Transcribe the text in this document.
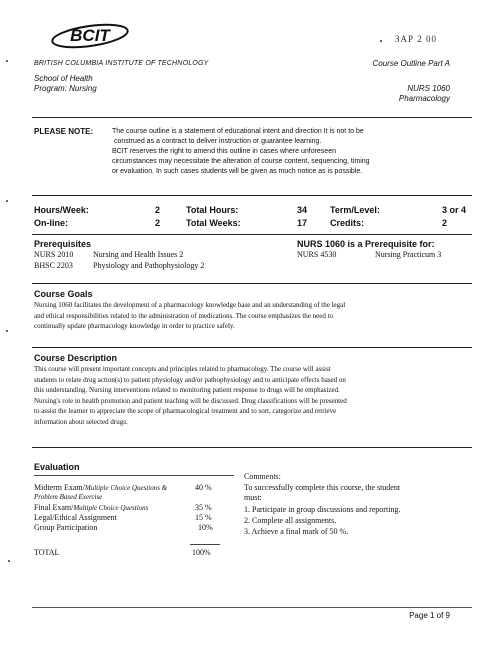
BCIT	ЗАР 2 00
BRITISH COLUMBIA INSTITUTE OF TECHNOLOGY	Course Outline Part A
School of Health
Program: Nursing	NURS 1060
Pharmacology
PLEASE NOTE:	The course outline is a statement of educational intent and direction It is not to be
construed as a contract to deliver instruction or guarantee learning.
BCIT reserves the right to amend this outline in cases where unforeseen
circumstances may necessitate the alteration of course content, sequencing, timing
or evaluation. In such cases students will be given as much notice as is possible.
Hours/Week:	2	Total Hours:	34	Term/Level:	3 or 4
On-line:	2	Total Weeks:	17	Credits:	2
Prerequisites
NURS 2010 Nursing and Health Issues 2
BHSC 2203	Physiology and Pathophysiology 2
NURS 1060 is a Prerequisite for:
NURS 4530	Nursing Practicum 3
Course Goals
Nursing 1060 facilitates the development of a pharmacology knowledge base and an understanding of the legal
and ethical responsibilities related to the administration of medications. The course emphasizes the need to
continually update pharmacology knowledge in order to practice safely.
Course Description
This course will present important concepts and principles related to pharmacology. The course will assist
students to relate drug action(s) to patient physiology and/or pathophysiology and to anticipate effects based on
this understanding. Nursing interventions related to monitoring patient response to drugs will be emphasized.
Nursing's role in health promotion and patient teaching will be discussed. Drug classifications will be presented
to assist the learner to appreciate the scope of pharmacological treatment and to sort, categorize and retrieve
information about selected drugs.
Evaluation
Midterm Exam/Multiple Choice Questions &	40 %
Problem Based Exercise
Final Exam/Multiple Choice Questions	35 %
Legal/Ethical Assignment	15 %
Group Participation	10%
TOTAL	100%
Comments:
To successfully complete this course, the student
must:
1. Participate in group discussions and reporting.
2. Complete all assignments.
3. Achieve a final mark of 50 %.
Page 1 of 9
